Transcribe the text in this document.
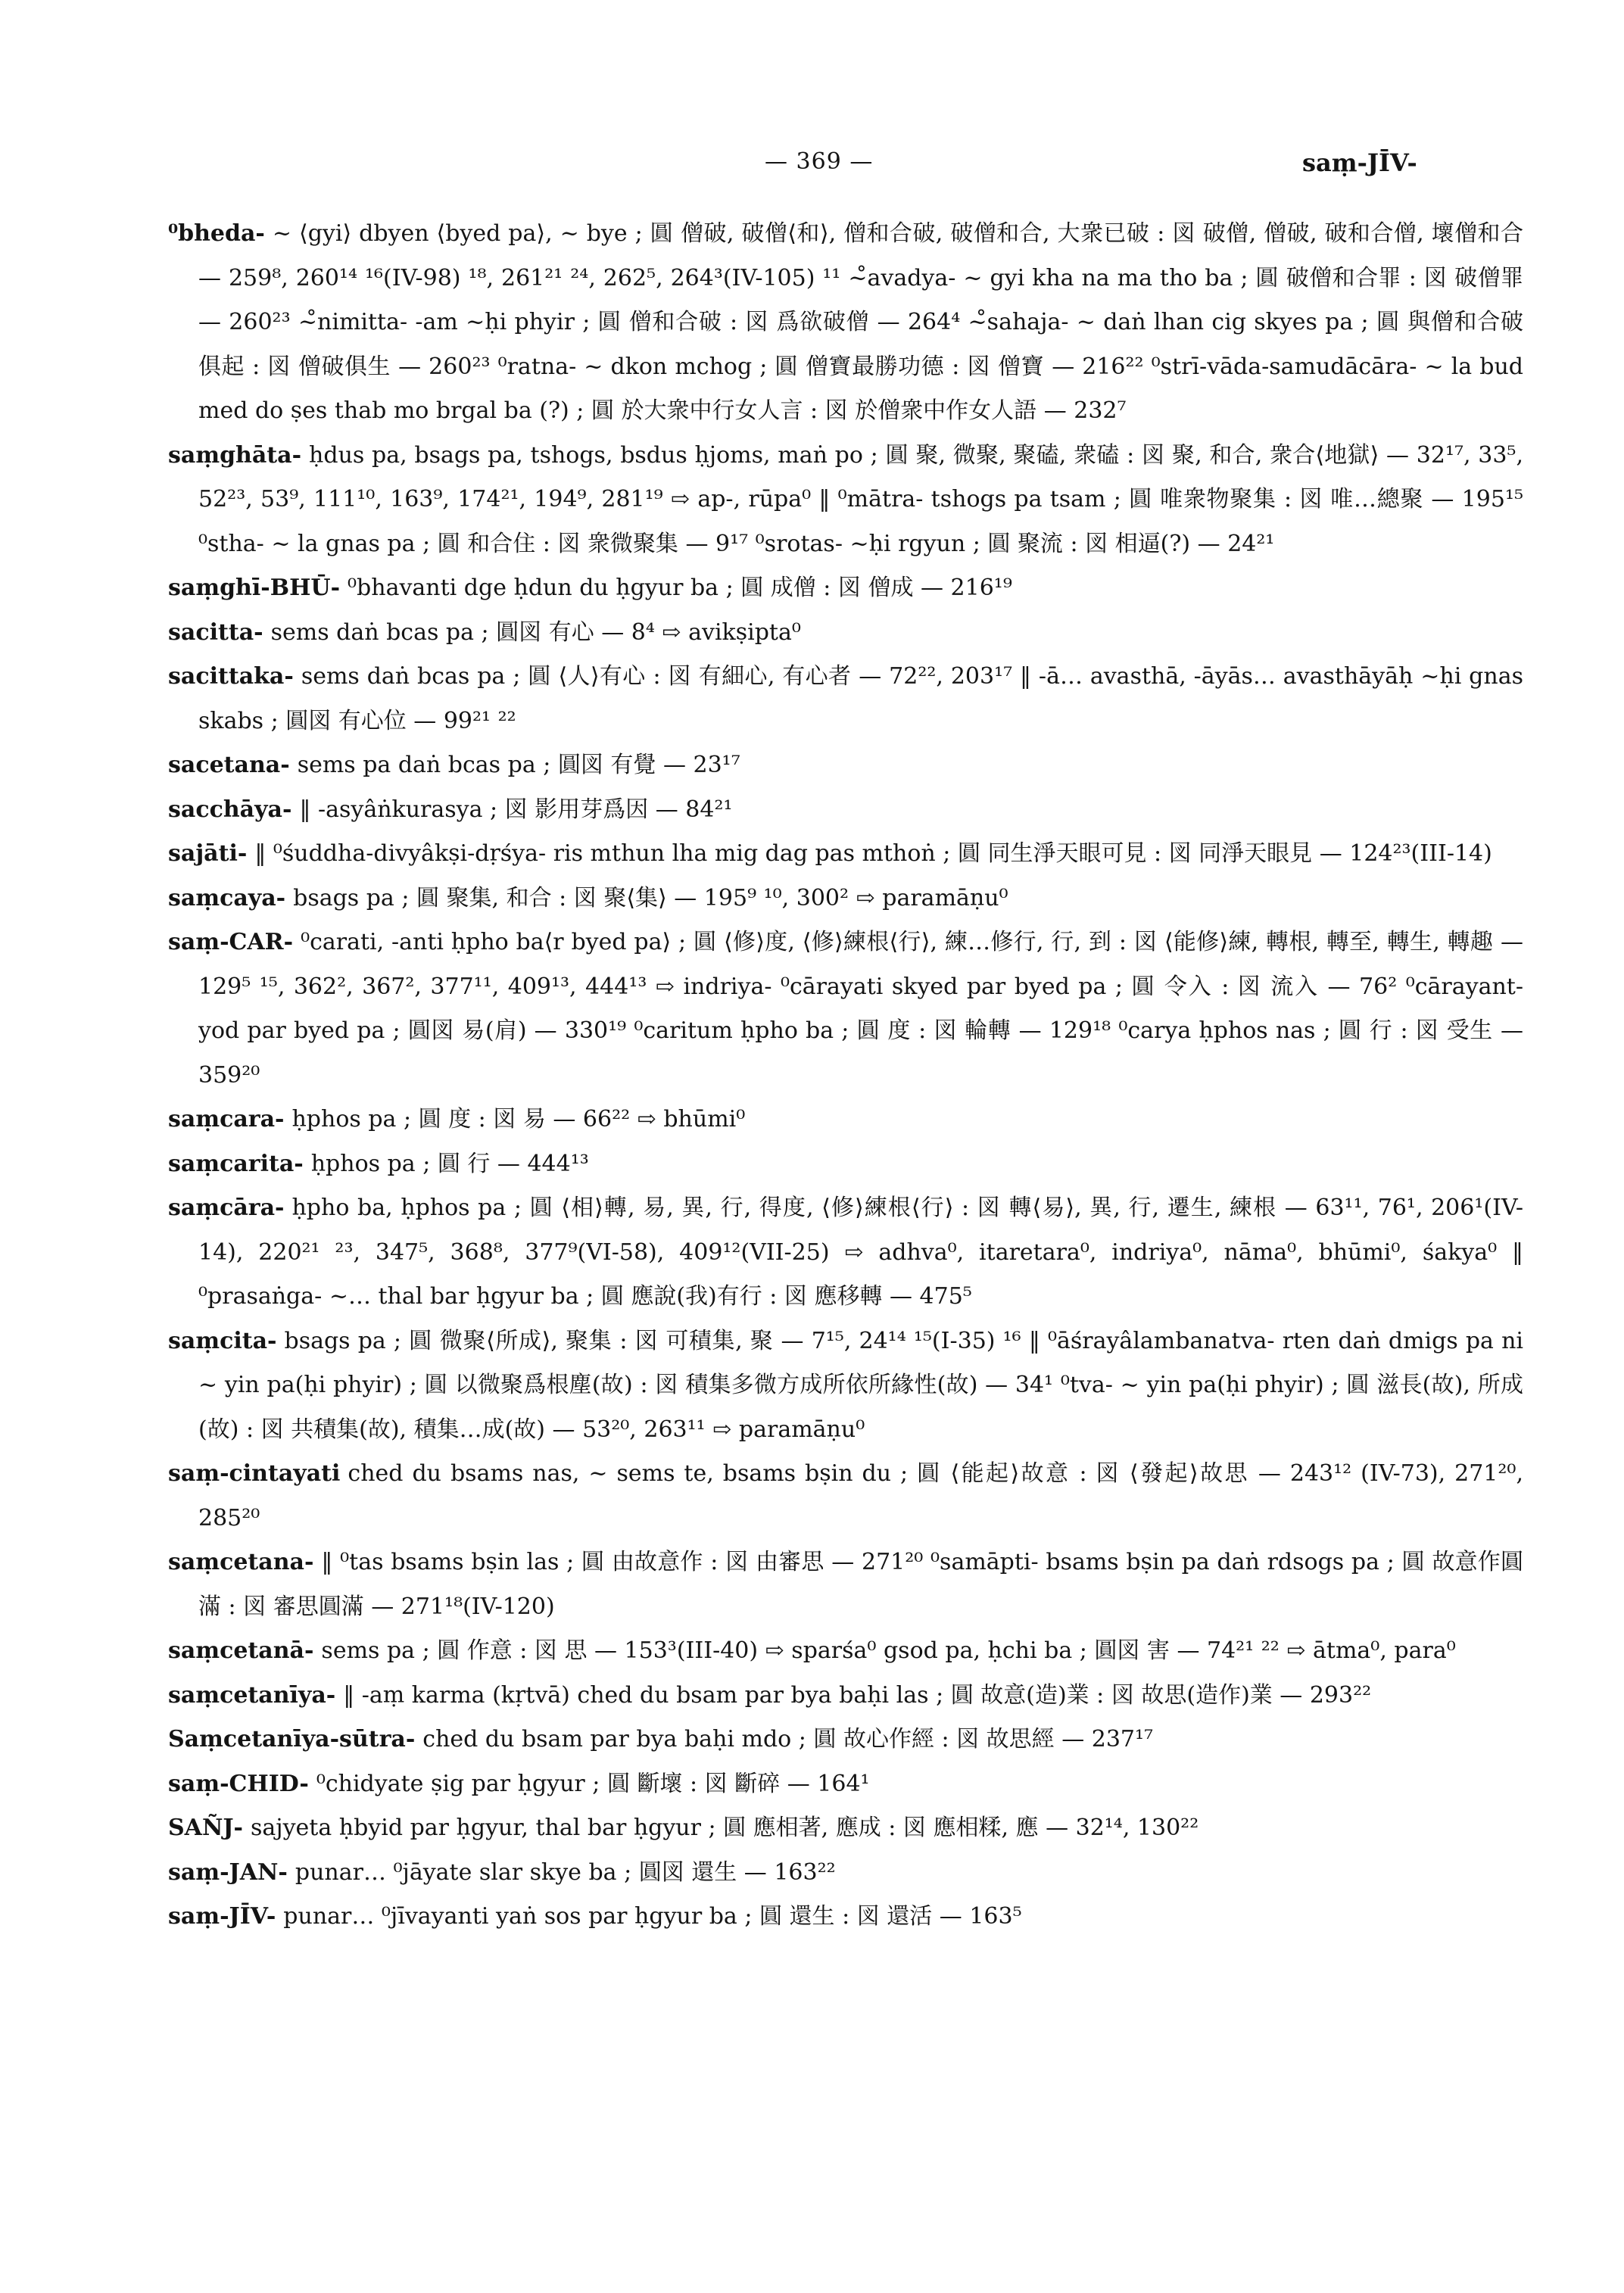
— 369 —	saṃ-JĪV-
⁰bheda- ~ ⟨gyi⟩ dbyen ⟨byed pa⟩, ~ bye ; 圓 僧破, 破僧⟨和⟩, 僧和合破, 破僧和合, 大衆已破 : 図 破僧, 僧破, 破和合僧, 壞僧和合 — 259⁸, 260¹⁴ ¹⁶(IV-98) ¹⁸, 261²¹ ²⁴, 262⁵, 264³(IV-105) ¹¹ ~̊avadya- ~ gyi kha na ma tho ba ; 圓 破僧和合罪 : 図 破僧罪 — 260²³ ~̊nimitta- -am ~ḥi phyir ; 圓 僧和合破 : 図 爲欲破僧 — 264⁴ ~̊sahaja- ~ daṅ lhan cig skyes pa ; 圓 與僧和合破俱起 : 図 僧破俱生 — 260²³ ⁰ratna- ~ dkon mchog ; 圓 僧寶最勝功德 : 図 僧寶 — 216²² ⁰strī-vāda-samudācāra- ~ la bud med do ṣes thab mo brgal ba (?) ; 圓 於大衆中行女人言 : 図 於僧衆中作女人語 — 232⁷
saṃghāta- ḥdus pa, bsags pa, tshogs, bsdus ḥjoms, maṅ po ; 圓 聚, 微聚, 聚磕, 衆磕 : 図 聚, 和合, 衆合⟨地獄⟩ — 32¹⁷, 33⁵, 52²³, 53⁹, 111¹⁰, 163⁹, 174²¹, 194⁹, 281¹⁹ ⇨ ap-, rūpa⁰ ‖ ⁰mātra- tshogs pa tsam ; 圓 唯衆物聚集 : 図 唯…總聚 — 195¹⁵ ⁰stha- ~ la gnas pa ; 圓 和合住 : 図 衆微聚集 — 9¹⁷ ⁰srotas- ~ḥi rgyun ; 圓 聚流 : 図 相逼(?) — 24²¹
saṃghī-BHŪ- ⁰bhavanti dge ḥdun du ḥgyur ba ; 圓 成僧 : 図 僧成 — 216¹⁹
sacitta- sems daṅ bcas pa ; 圓図 有心 — 8⁴ ⇨ avikṣipta⁰
sacittaka- sems daṅ bcas pa ; 圓 ⟨人⟩有心 : 図 有細心, 有心者 — 72²², 203¹⁷ ‖ -ā… avasthā, -āyās… avasthāyāḥ ~ḥi gnas skabs ; 圓図 有心位 — 99²¹ ²²
sacetana- sems pa daṅ bcas pa ; 圓図 有覺 — 23¹⁷
sacchāya- ‖ -asyâṅkurasya ; 図 影用芽爲因 — 84²¹
sajāti- ‖ ⁰śuddha-divyâkṣi-dṛśya- ris mthun lha mig dag pas mthoṅ ; 圓 同生淨天眼可見 : 図 同淨天眼見 — 124²³(III-14)
saṃcaya- bsags pa ; 圓 聚集, 和合 : 図 聚⟨集⟩ — 195⁹ ¹⁰, 300² ⇨ paramāṇu⁰
saṃ-CAR- ⁰carati, -anti ḥpho ba⟨r byed pa⟩ ; 圓 ⟨修⟩度, ⟨修⟩練根⟨行⟩, 練…修行, 行, 到 : 図 ⟨能修⟩練, 轉根, 轉至, 轉生, 轉趣 — 129⁵ ¹⁵, 362², 367², 377¹¹, 409¹³, 444¹³ ⇨ indriya- ⁰cārayati skyed par byed pa ; 圓 令入 : 図 流入 — 76² ⁰cārayant- yod par byed pa ; 圓図 易(肩) — 330¹⁹ ⁰caritum ḥpho ba ; 圓 度 : 図 輪轉 — 129¹⁸ ⁰carya ḥphos nas ; 圓 行 : 図 受生 — 359²⁰
saṃcara- ḥphos pa ; 圓 度 : 図 易 — 66²² ⇨ bhūmi⁰
saṃcarita- ḥphos pa ; 圓 行 — 444¹³
saṃcāra- ḥpho ba, ḥphos pa ; 圓 ⟨相⟩轉, 易, 異, 行, 得度, ⟨修⟩練根⟨行⟩ : 図 轉⟨易⟩, 異, 行, 遷生, 練根 — 63¹¹, 76¹, 206¹(IV-14), 220²¹ ²³, 347⁵, 368⁸, 377⁹(VI-58), 409¹²(VII-25) ⇨ adhva⁰, itaretara⁰, indriya⁰, nāma⁰, bhūmi⁰, śakya⁰ ‖ ⁰prasaṅga- ~… thal bar ḥgyur ba ; 圓 應說(我)有行 : 図 應移轉 — 475⁵
saṃcita- bsags pa ; 圓 微聚⟨所成⟩, 聚集 : 図 可積集, 聚 — 7¹⁵, 24¹⁴ ¹⁵(I-35) ¹⁶ ‖ ⁰āśrayâlambanatva- rten daṅ dmigs pa ni ~ yin pa(ḥi phyir) ; 圓 以微聚爲根塵(故) : 図 積集多微方成所依所緣性(故) — 34¹ ⁰tva- ~ yin pa(ḥi phyir) ; 圓 滋長(故), 所成(故) : 図 共積集(故), 積集…成(故) — 53²⁰, 263¹¹ ⇨ paramāṇu⁰
saṃ-cintayati ched du bsams nas, ~ sems te, bsams bṣin du ; 圓 ⟨能起⟩故意 : 図 ⟨發起⟩故思 — 243¹² (IV-73), 271²⁰, 285²⁰
saṃcetana- ‖ ⁰tas bsams bṣin las ; 圓 由故意作 : 図 由審思 — 271²⁰ ⁰samāpti- bsams bṣin pa daṅ rdsogs pa ; 圓 故意作圓滿 : 図 審思圓滿 — 271¹⁸(IV-120)
saṃcetanā- sems pa ; 圓 作意 : 図 思 — 153³(III-40) ⇨ sparśa⁰ gsod pa, ḥchi ba ; 圓図 害 — 74²¹ ²² ⇨ ātma⁰, para⁰
saṃcetanīya- ‖ -aṃ karma (kṛtvā) ched du bsam par bya baḥi las ; 圓 故意(造)業 : 図 故思(造作)業 — 293²²
Saṃcetanīya-sūtra- ched du bsam par bya baḥi mdo ; 圓 故心作經 : 図 故思經 — 237¹⁷
saṃ-CHID- ⁰chidyate ṣig par ḥgyur ; 圓 斷壞 : 図 斷碎 — 164¹
SAÑJ- sajyeta ḥbyid par ḥgyur, thal bar ḥgyur ; 圓 應相著, 應成 : 図 應相糅, 應 — 32¹⁴, 130²²
saṃ-JAN- punar… ⁰jāyate slar skye ba ; 圓図 還生 — 163²²
saṃ-JĪV- punar… ⁰jīvayanti yaṅ sos par ḥgyur ba ; 圓 還生 : 図 還活 — 163⁵
